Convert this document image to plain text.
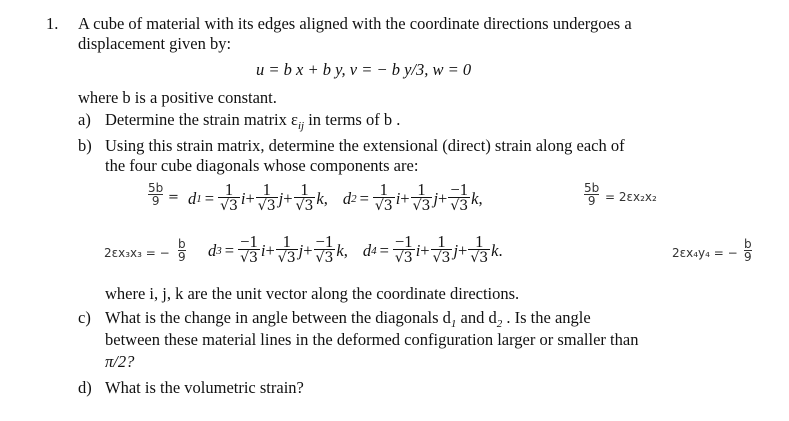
1. A cube of material with its edges aligned with the coordinate directions undergoes a
displacement given by:
u = b x + b y, v = − b y/3, w = 0
where b is a positive constant.
a) Determine the strain matrix $\varepsilon_{ij}$ in terms of b .
b) Using this strain matrix, determine the extensional (direct) strain along each of
the four cube diagonals whose components are:
d $1 = \frac{1}{√3}$ $i + \frac{1}{√3}$ $j + \frac{1}{√3}$ k , d $2 = \frac{1}{√3}$ $i + \frac{1}{√3}$ $j + \frac{-1}{√3}$ k ,
d $3 = \frac{-1}{√3}$ $i + \frac{1}{√3}$ $j + \frac{-1}{√3}$ k , d $4 = \frac{-1}{√3}$ $i + \frac{1}{√3}$ $j + \frac{1}{√3}$ k .
5b
9 =
5b
9 = 2εx₂x₂
2εx₃x₃ = −
b
9	2εx₄y₄ = −
b
9
where i, j, k are the unit vector along the coordinate directions.
c) What is the change in angle between the diagonals $d_1$ and $d_2$ . Is the angle
between these material lines in the deformed configuration larger or smaller than
π/2?
d) What is the volumetric strain?
